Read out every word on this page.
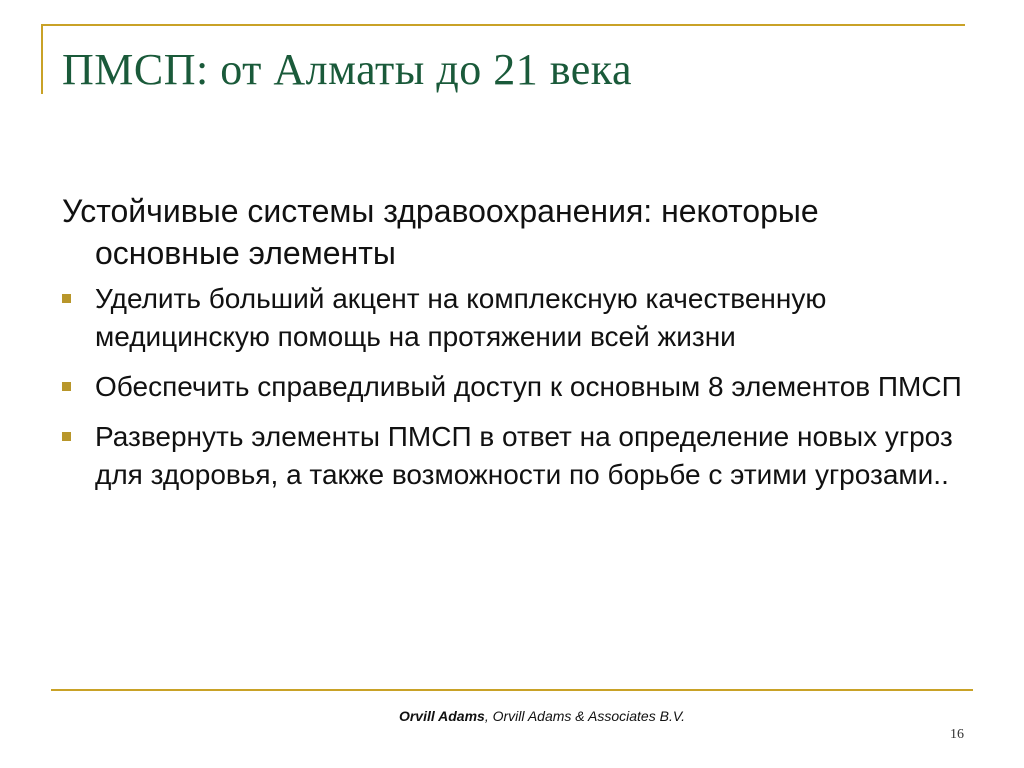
ПМСП: от Алматы до 21 века

Устойчивые системы здравоохранения: некоторые основные элементы

Уделить больший акцент на комплексную качественную медицинскую помощь на протяжении всей жизни
Обеспечить справедливый доступ к основным 8 элементов ПМСП
Развернуть элементы ПМСП в ответ на определение новых угроз для здоровья, а также возможности по борьбе с этими угрозами..
Orvill Adams, Orvill Adams & Associates B.V.
16
